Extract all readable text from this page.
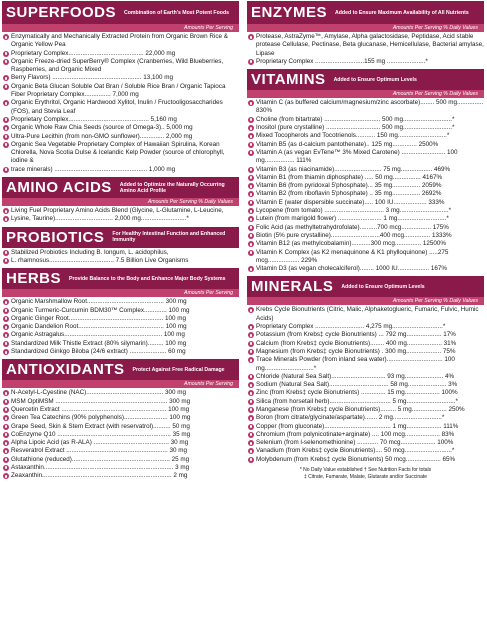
SUPERFOODS Combination of Earth's Most Potent Foods
Amounts Per Serving
Enzymatically and Mechanically Extracted Protein from Organic Brown Rice & Organic Yellow Pea
Proprietary Complex........................................... 22,000 mg
Organic Freeze-dried SuperBerry® Complex (Cranberries, Wild Blueberries, Raspberries, and Organic Mixed
Berry Flavors) ................................................... 13,100 mg
Organic Beta Glucan Soluble Oat Bran / Soluble Rice Bran / Organic Tapioca Fiber Proprietary Complex............... 7,000 mg
Organic Erythritol, Organic Hardwood Xylitol, Inulin / Fructooligosaccharides (FOS), and Stevia Leaf
Proprietary Complex.............................................. 5,160 mg
Organic Whole Raw Chia Seeds (source of Omega-3).. 5,000 mg
Ultra-Pure Lecithin (from non-GMO sunflower).............. 2,000 mg
Organic Sea Vegetable Proprietary Complex of Hawaiian Spirulina, Korean Chlorella, Nova Scotia Dulse & Icelandic Kelp Powder (source of chlorophyll, iodine &
trace minerals) ..................................................... 1,000 mg
AMINO ACIDS Added to Optimize the Naturally Occurring Amino Acid Profile
Amounts Per Serving % Daily Values
Living Fuel Proprietary Amino Acids Blend (Glycine, L-Glutamine, L-Leucine,
Lysine, Taurine)................................. 2,000 mg..........................*
PROBIOTICS For Healthy Intestinal Function and Enhanced Immunity
Stabilized Probiotics Including B. longum, L. acidophilus,
L. rhamnosus..................................... 7.5 Billion Live Organisms
HERBS Provide Balance to the Body and Enhance Major Body Systems
Amounts Per Serving
Organic Marshmallow Root............................................ 300 mg
Organic Turmeric-Curcumin BDM30™ Complex............. 100 mg
Organic Ginger Root...................................................... 100 mg
Organic Dandelion Root................................................. 100 mg
Organic Astragalus........................................................ 100 mg
Standardized Milk Thistle Extract (80% silymarin)......... 100 mg
Standardized Ginkgo Biloba (24/6 extract) ..................... 60 mg
ANTIOXIDANTS Protect Against Free Radical Damage
Amounts Per Serving
N-Acetyl-L-Cyestine (NAC)............................................ 300 mg
MSM OptiMSM ................................................................ 300 mg
Quercetin Extract ............................................................ 100 mg
Green Tea Catechins (90% polyphenols)......................... 100 mg
Grape Seed, Skin & Stem Extract (with reservatrol).......... 50 mg
CoEnzyme Q10 ................................................................. 35 mg
Alpha Lipoic Acid (as R-ALA) ........................................... 30 mg
Resveratrol Extract .......................................................... 30 mg
Glutathione (reduced)........................................................ 25 mg
Astaxanthin.......................................................................... 3 mg
Zeaxanthin.......................................................................... 2 mg
ENZYMES Added to Ensure Maximum Availability of All Nutrients
Amounts Per Serving % Daily Values
Protease, AstraZyme™, Amylase, Alpha galactosidase, Peptidase, Acid stable protease Cellulase, Pectinase, Beta glucanase, Hemicellulase, Bacterial amylase, Lipase
Proprietary Complex ............................155 mg ......................*
VITAMINS Added to Ensure Optimum Levels
Amounts Per Serving % Daily Values
Vitamin C (as buffered calcium/magnesium/zinc ascorbate)........ 500 mg............... 830%
Choline (from bitartrate) ................................ 500 mg............................*
Inositol (pure crystalline) ............................... 500 mg............................*
Mixed Tocopherols and Tocotrienols........... 150 mg............................*
Vitamin B5 (as d-calcium pantothenate).. 125 mg.............. 2500%
Vitamin A (as vegan EvTene™ 3% Mixed Carotene) ......................... 100 mg................. 111%
Vitamin B3 (as niacinamide)........................... 75 mg.................. 469%
Vitamin B1 (from thiamin diphosphate) ..... 50 mg................ 4167%
Vitamin B6 (from pyridoxal 5'phosphate)... 35 mg................ 2059%
Vitamin B2 (from riboflavin 5'phosphate) .. 35 mg................ 2692%
Vitamin E (water dispersible succinate)..... 100 IU................... 333%
Lycopene (from tomato) .................................. 3 mg............................*
Lutein (from marigold flower) ......................... 1 mg............................*
Folic Acid (as methyltetrahydrofolate)..........700 mcg................. 175%
Biotin (5% pure crystalline)............................400 mcg............... 1333%
Vitamin B12 (as methylcobalamin)...........300 mcg............... 12500%
Vitamin K Complex (as K2 menaquinone & K1 phylloquinone) .....275 mcg.................. 229%
Vitamin D3 (as vegan cholecalciferol)........ 1000 IU.................. 167%
MINERALS Added to Ensure Optimum Levels
Amounts Per Serving % Daily Values
Krebs Cycle Bionutrients (Citric, Malic, Alphaketoglueric, Fumaric, Fulvic, Humic Acids)
Proprietary Complex ............................ 4,275 mg.............................*
Potassium (from Krebs‡ cycle Bionutrients) ... 792 mg.................... 17%
Calcium (from Krebs‡ cycle Bionutrients)........ 400 mg.................... 31%
Magnesium (from Krebs‡ cycle Bionutrients) . 300 mg.................... 75%
Trace Minerals Powder (from inland sea water)................................ 100 mg............................*
Chloride (Natural Sea Salt)............................... 93 mg...................... 4%
Sodium (Natural Sea Salt).................................. 58 mg...................... 3%
Zinc (from Krebs‡ cycle Bionutrients) .............. 15 mg.................... 100%
Silica (from horsetail herb)................................... 5 mg............................*
Manganese (from Krebs‡ cycle Bionutrients)......... 5 mg.................... 250%
Boron (from citrate/glycinate/aspartate)....... 2 mg............................*
Copper (from gluconate)...................................... 1 mg.................... 111%
Chromium (from polynicotinate+arginate) .... 100 mcg.................... 83%
Selenium (from l-selenomethionine) ............ 70 mcg.................... 100%
Vanadium (from Krebs‡ cycle Bionutrients).... 50 mcg...........................*
Molybdenum (from Krebs‡ cycle Bionutrients) 50 mcg.................... 65%
* No Daily Value established † See Nutrition Facts for totals
‡ Citrate, Fumarate, Malate, Glutarate and/or Succinate
